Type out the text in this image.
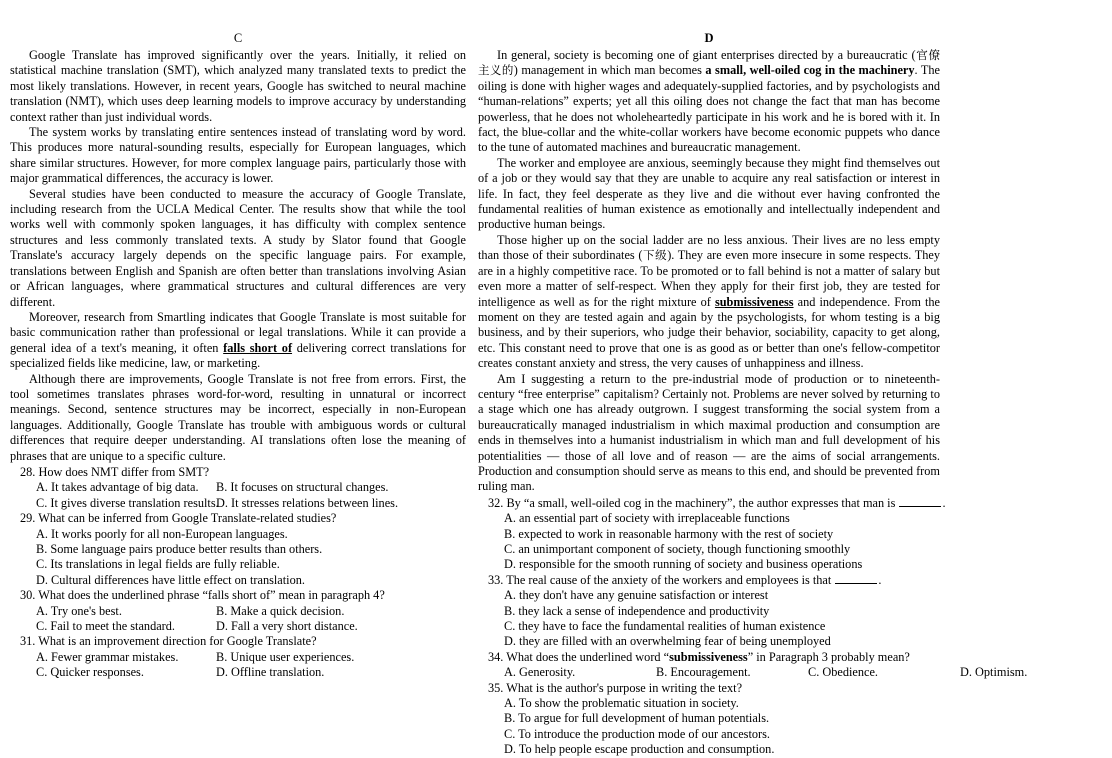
C

Google Translate has improved significantly over the years. Initially, it relied on statistical machine translation (SMT), which analyzed many translated texts to predict the most likely translations. However, in recent years, Google has switched to neural machine translation (NMT), which uses deep learning models to improve accuracy by understanding context rather than just individual words.

The system works by translating entire sentences instead of translating word by word. This produces more natural-sounding results, especially for European languages, which share similar structures. However, for more complex language pairs, particularly those with major grammatical differences, the accuracy is lower.

Several studies have been conducted to measure the accuracy of Google Translate, including research from the UCLA Medical Center. The results show that while the tool works well with commonly spoken languages, it has difficulty with complex sentence structures and less commonly translated texts. A study by Slator found that Google Translate's accuracy largely depends on the specific language pairs. For example, translations between English and Spanish are often better than translations involving Asian or African languages, where grammatical structures and cultural differences are very different.

Moreover, research from Smartling indicates that Google Translate is most suitable for basic communication rather than professional or legal translations. While it can provide a general idea of a text's meaning, it often falls short of delivering correct translations for specialized fields like medicine, law, or marketing.

Although there are improvements, Google Translate is not free from errors. First, the tool sometimes translates phrases word-for-word, resulting in unnatural or incorrect meanings. Second, sentence structures may be incorrect, especially in non-European languages. Additionally, Google Translate has trouble with ambiguous words or cultural differences that require deeper understanding. AI translations often lose the meaning of phrases that are unique to a specific culture.

28. How does NMT differ from SMT?
A. It takes advantage of big data.	B. It focuses on structural changes.
C. It gives diverse translation results.
D. It stresses relations between lines.
29. What can be inferred from Google Translate-related studies?
A. It works poorly for all non-European languages.
B. Some language pairs produce better results than others.
C. Its translations in legal fields are fully reliable.
D. Cultural differences have little effect on translation.
30. What does the underlined phrase “falls short of” mean in paragraph 4?
A. Try one's best.	B. Make a quick decision.
C. Fail to meet the standard.	D. Fall a very short distance.
31. What is an improvement direction for Google Translate?
A. Fewer grammar mistakes.	B. Unique user experiences.
C. Quicker responses.	D. Offline translation.
D

In general, society is becoming one of giant enterprises directed by a bureaucratic (官僚主义的) management in which man becomes a small, well-oiled cog in the machinery. The oiling is done with higher wages and adequately-supplied factories, and by psychologists and “human-relations” experts; yet all this oiling does not change the fact that man has become powerless, that he does not wholeheartedly participate in his work and he is bored with it. In fact, the blue-collar and the white-collar workers have become economic puppets who dance to the tune of automated machines and bureaucratic management.

The worker and employee are anxious, seemingly because they might find themselves out of a job or they would say that they are unable to acquire any real satisfaction or interest in life. In fact, they feel desperate as they live and die without ever having confronted the fundamental realities of human existence as emotionally and intellectually independent and productive human beings.

Those higher up on the social ladder are no less anxious. Their lives are no less empty than those of their subordinates (下级). They are even more insecure in some respects. They are in a highly competitive race. To be promoted or to fall behind is not a matter of salary but even more a matter of self-respect. When they apply for their first job, they are tested for intelligence as well as for the right mixture of submissiveness and independence. From the moment on they are tested again and again by the psychologists, for whom testing is a big business, and by their superiors, who judge their behavior, sociability, capacity to get along, etc. This constant need to prove that one is as good as or better than one's fellow-competitor creates constant anxiety and stress, the very causes of unhappiness and illness.

Am I suggesting a return to the pre-industrial mode of production or to nineteenth-century “free enterprise” capitalism? Certainly not. Problems are never solved by returning to a stage which one has already outgrown. I suggest transforming the social system from a bureaucratically managed industrialism in which maximal production and consumption are ends in themselves into a humanist industrialism in which man and full development of his potentialities — those of all love and of reason — are the aims of social arrangements. Production and consumption should serve as means to this end, and should be prevented from ruling man.

32. By “a small, well-oiled cog in the machinery”, the author expresses that man is	.
A. an essential part of society with irreplaceable functions
B. expected to work in reasonable harmony with the rest of society
C. an unimportant component of society, though functioning smoothly
D. responsible for the smooth running of society and business operations
33. The real cause of the anxiety of the workers and employees is that	.
A. they don't have any genuine satisfaction or interest
B. they lack a sense of independence and productivity
C. they have to face the fundamental realities of human existence
D. they are filled with an overwhelming fear of being unemployed
34. What does the underlined word “submissiveness” in Paragraph 3 probably mean?
A. Generosity.	B. Encouragement.	C. Obedience.	D. Optimism.
35. What is the author's purpose in writing the text?
A. To show the problematic situation in society.
B. To argue for full development of human potentials.
C. To introduce the production mode of our ancestors.
D. To help people escape production and consumption.
